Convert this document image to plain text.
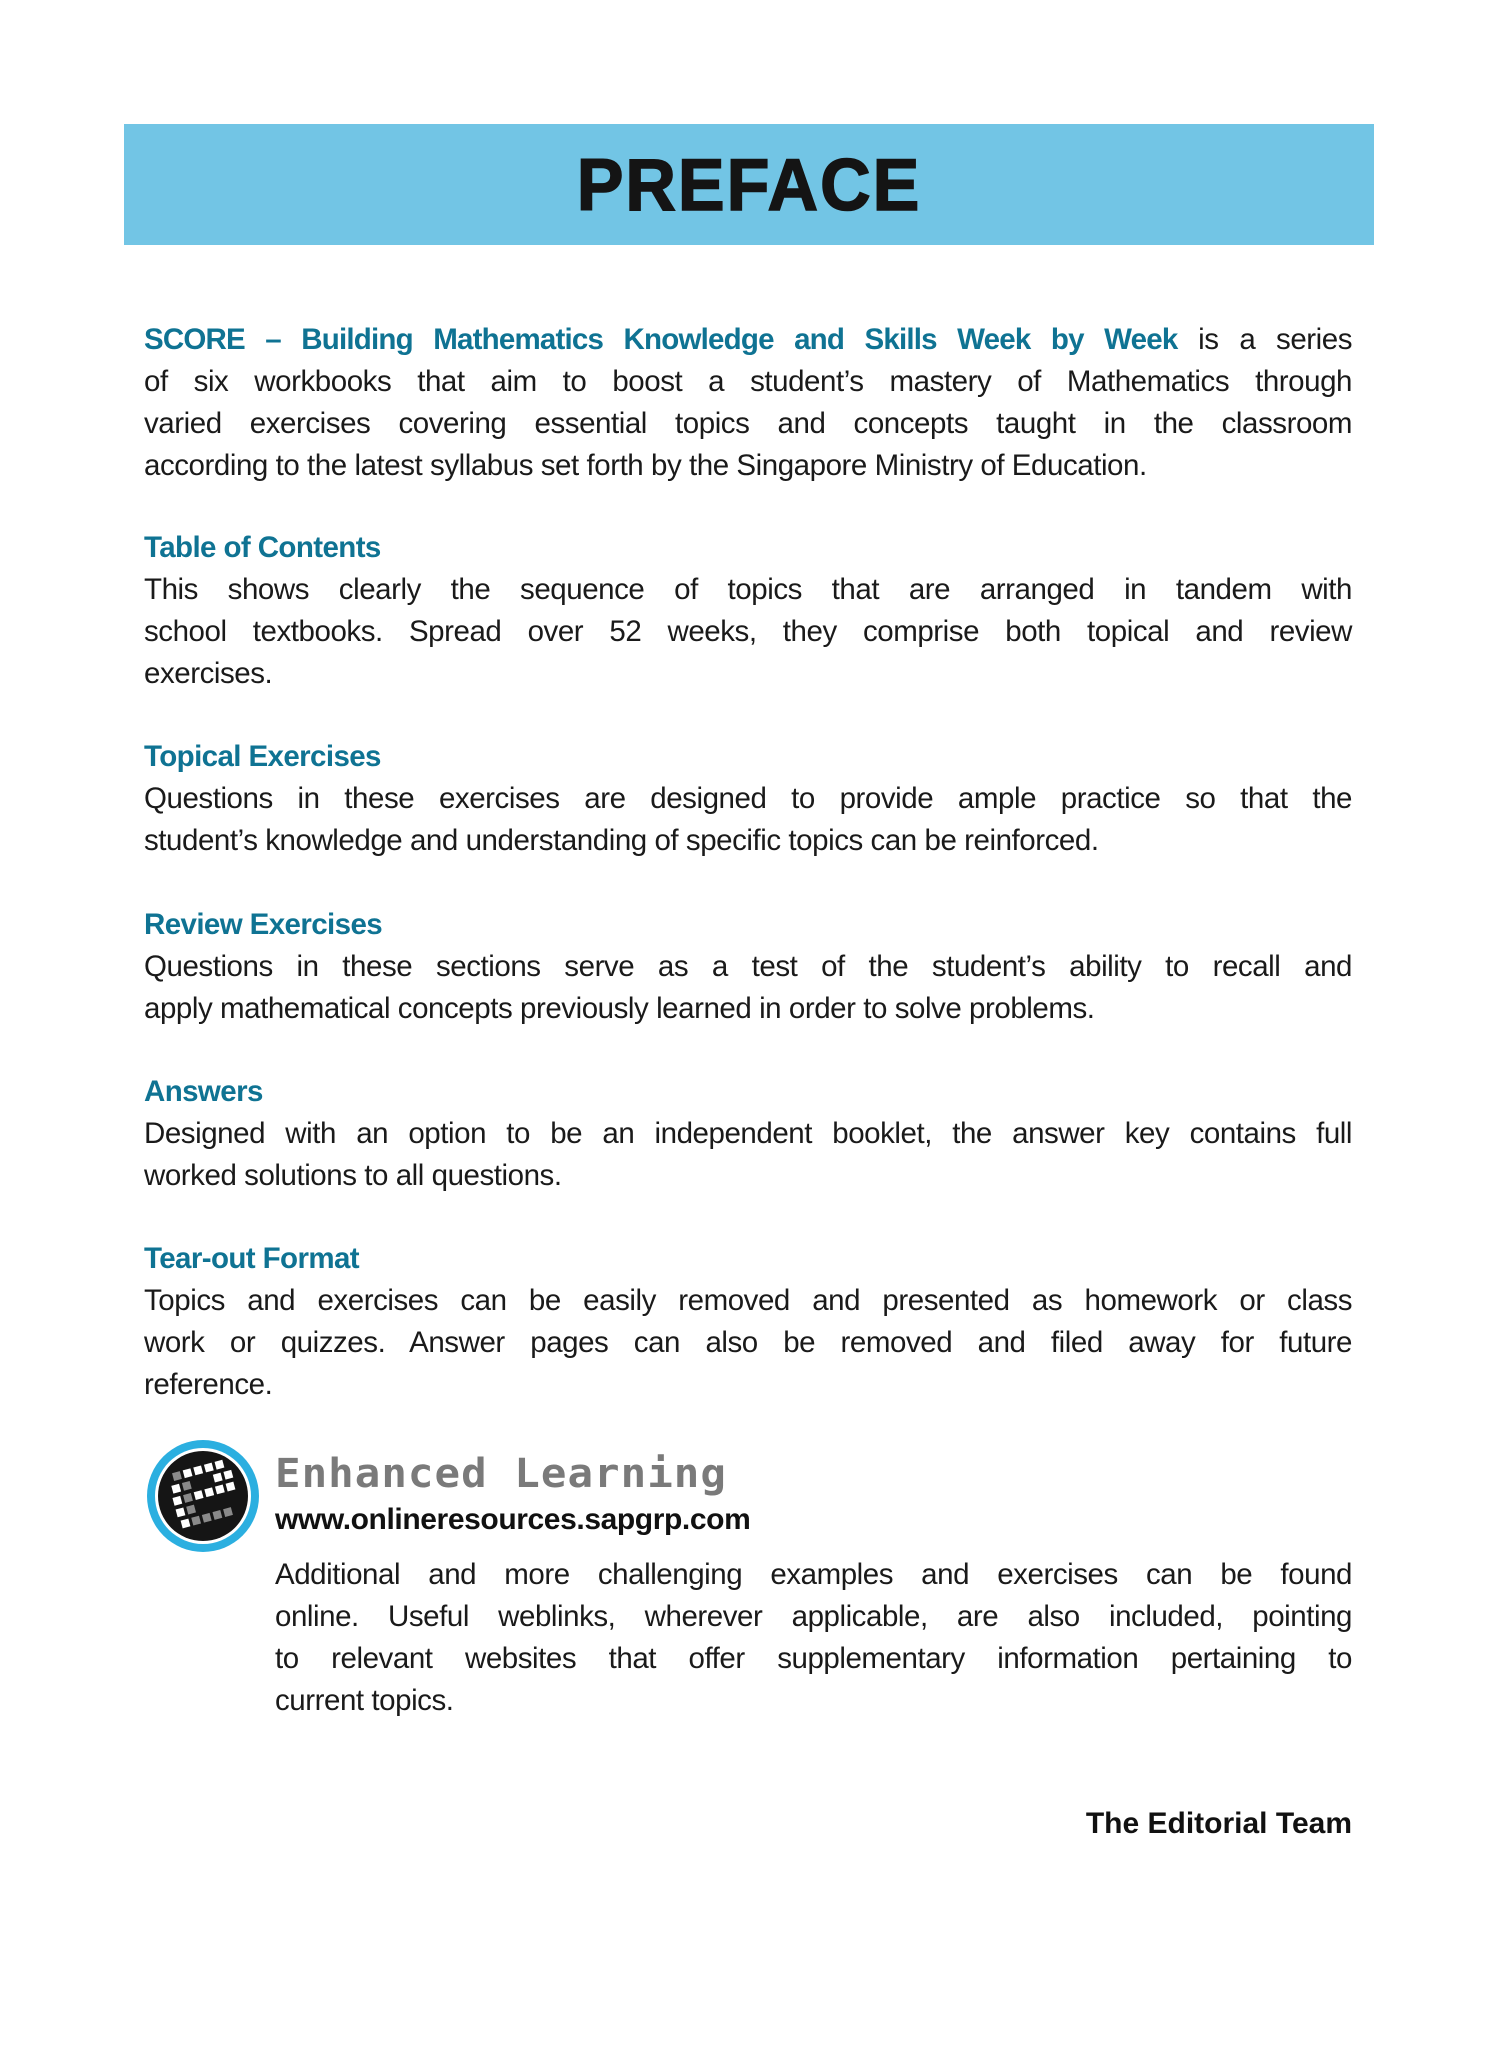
PREFACE
SCORE – Building Mathematics Knowledge and Skills Week by Week is a series
of six workbooks that aim to boost a student’s mastery of Mathematics through
varied exercises covering essential topics and concepts taught in the classroom
according to the latest syllabus set forth by the Singapore Ministry of Education.
Table of Contents
This shows clearly the sequence of topics that are arranged in tandem with
school textbooks. Spread over 52 weeks, they comprise both topical and review
exercises.
Topical Exercises
Questions in these exercises are designed to provide ample practice so that the
student’s knowledge and understanding of specific topics can be reinforced.
Review Exercises
Questions in these sections serve as a test of the student’s ability to recall and
apply mathematical concepts previously learned in order to solve problems.
Answers
Designed with an option to be an independent booklet, the answer key contains full
worked solutions to all questions.
Tear-out Format
Topics and exercises can be easily removed and presented as homework or class
work or quizzes. Answer pages can also be removed and filed away for future
reference.
Enhanced Learning
www.onlineresources.sapgrp.com
Additional and more challenging examples and exercises can be found
online. Useful weblinks, wherever applicable, are also included, pointing
to relevant websites that offer supplementary information pertaining to
current topics.
The Editorial Team
